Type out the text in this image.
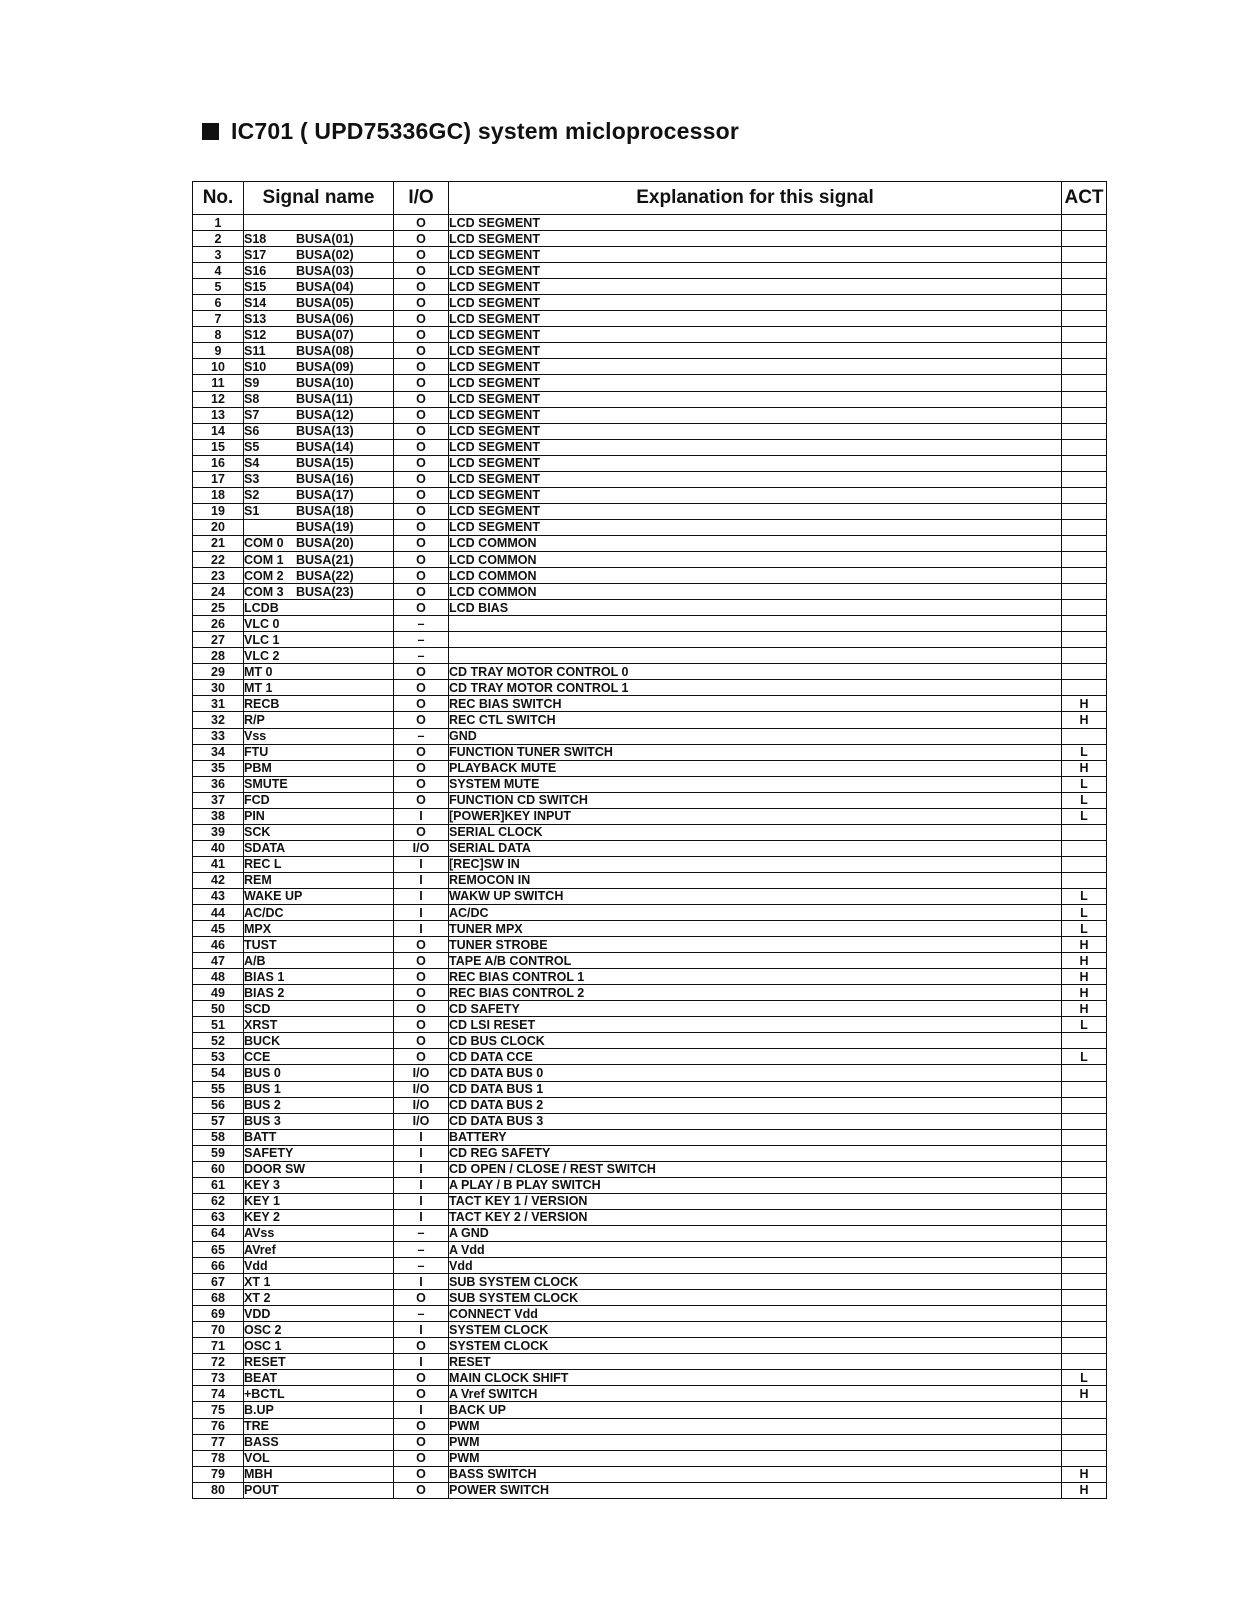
IC701 ( UPD75336GC) system micloprocessor
No.	Signal name	I/O	Explanation for this signal	ACT
1		O	LCD SEGMENT	
2	S18 BUSA(01)	O	LCD SEGMENT	
3	S17 BUSA(02)	O	LCD SEGMENT	
4	S16 BUSA(03)	O	LCD SEGMENT	
5	S15 BUSA(04)	O	LCD SEGMENT	
6	S14 BUSA(05)	O	LCD SEGMENT	
7	S13 BUSA(06)	O	LCD SEGMENT	
8	S12 BUSA(07)	O	LCD SEGMENT	
9	S11 BUSA(08)	O	LCD SEGMENT	
10	S10 BUSA(09)	O	LCD SEGMENT	
11	S9 BUSA(10)	O	LCD SEGMENT	
12	S8 BUSA(11)	O	LCD SEGMENT	
13	S7 BUSA(12)	O	LCD SEGMENT	
14	S6 BUSA(13)	O	LCD SEGMENT	
15	S5 BUSA(14)	O	LCD SEGMENT	
16	S4 BUSA(15)	O	LCD SEGMENT	
17	S3 BUSA(16)	O	LCD SEGMENT	
18	S2 BUSA(17)	O	LCD SEGMENT	
19	S1 BUSA(18)	O	LCD SEGMENT	
20	BUSA(19)	O	LCD SEGMENT	
21	COM 0 BUSA(20)	O	LCD COMMON	
22	COM 1 BUSA(21)	O	LCD COMMON	
23	COM 2 BUSA(22)	O	LCD COMMON	
24	COM 3 BUSA(23)	O	LCD COMMON	
25	LCDB	O	LCD BIAS	
26	VLC 0	–		
27	VLC 1	–		
28	VLC 2	–		
29	MT 0	O	CD TRAY MOTOR CONTROL 0	
30	MT 1	O	CD TRAY MOTOR CONTROL 1	
31	RECB	O	REC BIAS SWITCH	H
32	R/P	O	REC CTL SWITCH	H
33	Vss	–	GND	
34	FTU	O	FUNCTION TUNER SWITCH	L
35	PBM	O	PLAYBACK MUTE	H
36	SMUTE	O	SYSTEM MUTE	L
37	FCD	O	FUNCTION CD SWITCH	L
38	PIN	I	[POWER]KEY INPUT	L
39	SCK	O	SERIAL CLOCK	
40	SDATA	I/O	SERIAL DATA	
41	REC L	I	[REC]SW IN	
42	REM	I	REMOCON IN	
43	WAKE UP	I	WAKW UP SWITCH	L
44	AC/DC	I	AC/DC	L
45	MPX	I	TUNER MPX	L
46	TUST	O	TUNER STROBE	H
47	A/B	O	TAPE A/B CONTROL	H
48	BIAS 1	O	REC BIAS CONTROL 1	H
49	BIAS 2	O	REC BIAS CONTROL 2	H
50	SCD	O	CD SAFETY	H
51	XRST	O	CD LSI RESET	L
52	BUCK	O	CD BUS CLOCK	
53	CCE	O	CD DATA CCE	L
54	BUS 0	I/O	CD DATA BUS 0	
55	BUS 1	I/O	CD DATA BUS 1	
56	BUS 2	I/O	CD DATA BUS 2	
57	BUS 3	I/O	CD DATA BUS 3	
58	BATT	I	BATTERY	
59	SAFETY	I	CD REG SAFETY	
60	DOOR SW	I	CD OPEN / CLOSE / REST SWITCH	
61	KEY 3	I	A PLAY / B PLAY SWITCH	
62	KEY 1	I	TACT KEY 1 / VERSION	
63	KEY 2	I	TACT KEY 2 / VERSION	
64	AVss	–	A GND	
65	AVref	–	A Vdd	
66	Vdd	–	Vdd	
67	XT 1	I	SUB SYSTEM CLOCK	
68	XT 2	O	SUB SYSTEM CLOCK	
69	VDD	–	CONNECT Vdd	
70	OSC 2	I	SYSTEM CLOCK	
71	OSC 1	O	SYSTEM CLOCK	
72	RESET	I	RESET	
73	BEAT	O	MAIN CLOCK SHIFT	L
74	+BCTL	O	A Vref SWITCH	H
75	B.UP	I	BACK UP	
76	TRE	O	PWM	
77	BASS	O	PWM	
78	VOL	O	PWM	
79	MBH	O	BASS SWITCH	H
80	POUT	O	POWER SWITCH	H
